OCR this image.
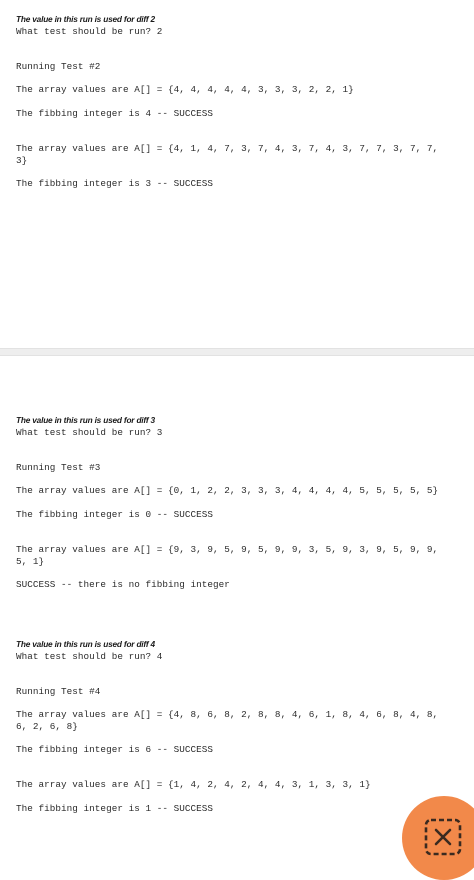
The value in this run is used for diff 2
What test should be run? 2
Running Test #2
The array values are A[] = {4, 4, 4, 4, 4, 3, 3, 3, 2, 2, 1}
The fibbing integer is 4 -- SUCCESS
The array values are A[] = {4, 1, 4, 7, 3, 7, 4, 3, 7, 4, 3, 7, 7, 3, 7, 7, 3}
The fibbing integer is 3 -- SUCCESS
The value in this run is used for diff 3
What test should be run? 3
Running Test #3
The array values are A[] = {0, 1, 2, 2, 3, 3, 3, 4, 4, 4, 4, 5, 5, 5, 5, 5}
The fibbing integer is 0 -- SUCCESS
The array values are A[] = {9, 3, 9, 5, 9, 5, 9, 9, 3, 5, 9, 3, 9, 5, 9, 9, 5, 1}
SUCCESS -- there is no fibbing integer
The value in this run is used for diff 4
What test should be run? 4
Running Test #4
The array values are A[] = {4, 8, 6, 8, 2, 8, 8, 4, 6, 1, 8, 4, 6, 8, 4, 8, 6, 2, 6, 8}
The fibbing integer is 6 -- SUCCESS
The array values are A[] = {1, 4, 2, 4, 2, 4, 4, 3, 1, 3, 3, 1}
The fibbing integer is 1 -- SUCCESS
